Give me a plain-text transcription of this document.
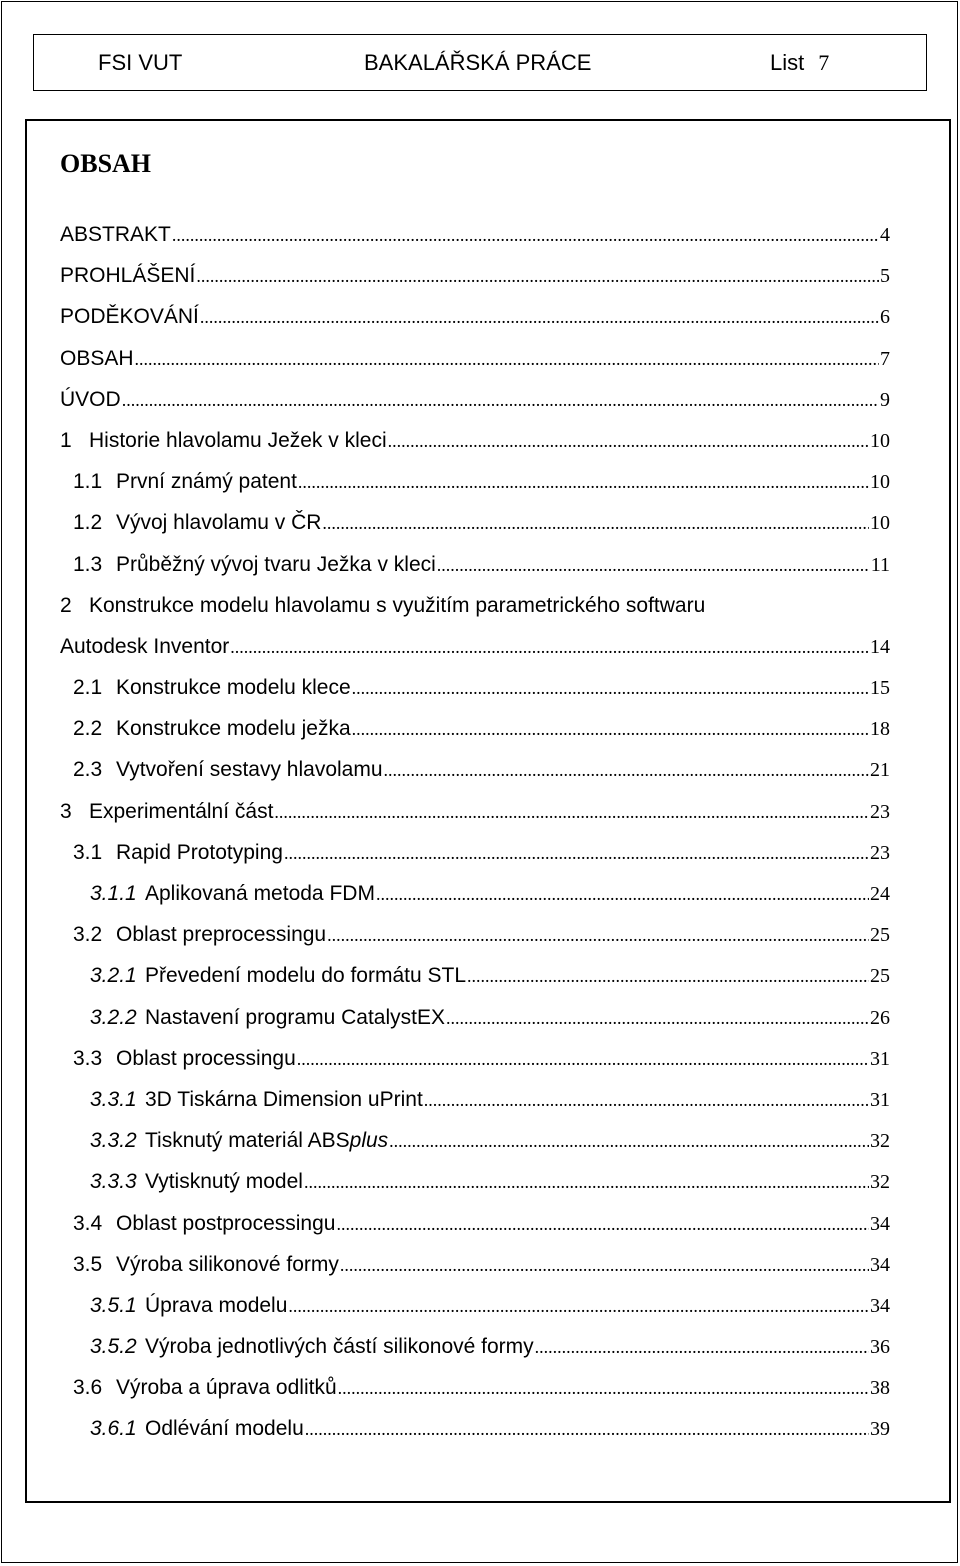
FSI VUT	BAKALÁŘSKÁ PRÁCE	List 7
OBSAH
ABSTRAKT .....	4
PROHLÁŠENÍ .....	5
PODĚKOVÁNÍ .....	6
OBSAH .....	7
ÚVOD .....	9
1 Historie hlavolamu Ježek v kleci .....	10
1.1 První známý patent .....	10
1.2 Vývoj hlavolamu v ČR .....	10
1.3 Průběžný vývoj tvaru Ježka v kleci .....	11
2 Konstrukce modelu hlavolamu s využitím parametrického softwaru
Autodesk Inventor .....	14
2.1 Konstrukce modelu klece .....	15
2.2 Konstrukce modelu ježka .....	18
2.3 Vytvoření sestavy hlavolamu .....	21
3 Experimentální část .....	23
3.1 Rapid Prototyping .....	23
3.1.1 Aplikovaná metoda FDM .....	24
3.2 Oblast preprocessingu .....	25
3.2.1 Převedení modelu do formátu STL .....	25
3.2.2 Nastavení programu CatalystEX .....	26
3.3 Oblast processingu .....	31
3.3.1 3D Tiskárna Dimension uPrint .....	31
3.3.2 Tisknutý materiál ABSplus .....	32
3.3.3 Vytisknutý model .....	32
3.4 Oblast postprocessingu .....	34
3.5 Výroba silikonové formy .....	34
3.5.1 Úprava modelu .....	34
3.5.2 Výroba jednotlivých částí silikonové formy .....	36
3.6 Výroba a úprava odlitků .....	38
3.6.1 Odlévání modelu .....	39
